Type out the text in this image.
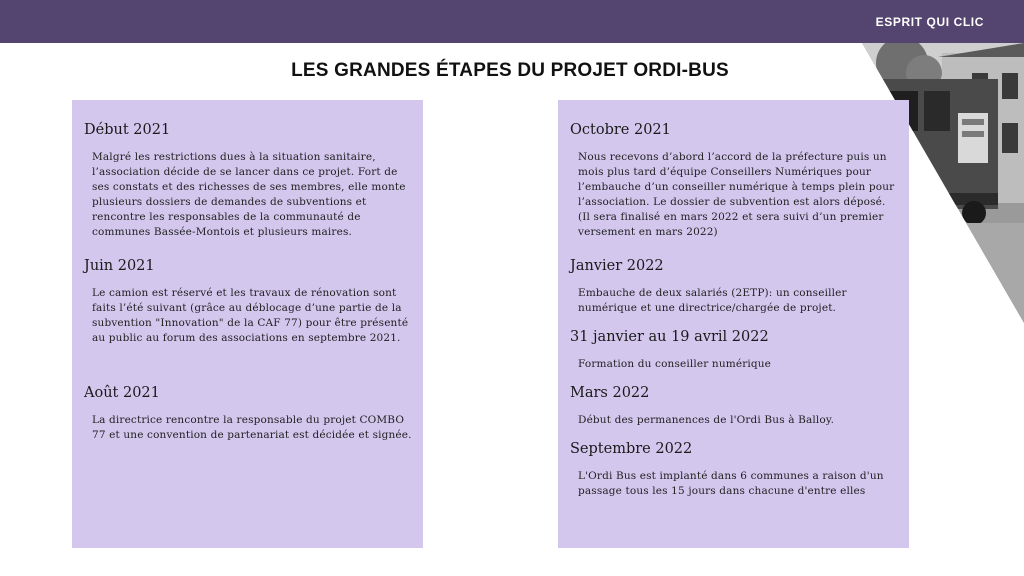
ESPRIT QUI CLIC
LES GRANDES ÉTAPES DU PROJET ORDI-BUS
Début 2021

Malgré les restrictions dues à la situation sanitaire, l’association décide de se lancer dans ce projet. Fort de ses constats et des richesses de ses membres, elle monte plusieurs dossiers de demandes de subventions et rencontre les responsables de la communauté de communes Bassée-Montois et plusieurs maires.

Juin 2021

Le camion est réservé et les travaux de rénovation sont faits l’été suivant (grâce au déblocage d’une partie de la subvention "Innovation" de la CAF 77) pour être présenté au public au forum des associations en septembre 2021.

Août 2021

La directrice rencontre la responsable du projet COMBO 77 et une convention de partenariat est décidée et signée.

Octobre 2021

Nous recevons d’abord l’accord de la préfecture puis un mois plus tard d’équipe Conseillers Numériques pour l’embauche d’un conseiller numérique à temps plein pour l’association. Le dossier de subvention est alors déposé. (Il sera finalisé en mars 2022 et sera suivi d’un premier versement en mars 2022)

Janvier 2022

Embauche de deux salariés (2ETP): un conseiller numérique et une directrice/chargée de projet.

31 janvier au 19 avril 2022

Formation du conseiller numérique

Mars 2022

Début des permanences de l'Ordi Bus à Balloy.

Septembre 2022

L'Ordi Bus est implanté dans 6 communes a raison d'un passage tous les 15 jours dans chacune d'entre elles
